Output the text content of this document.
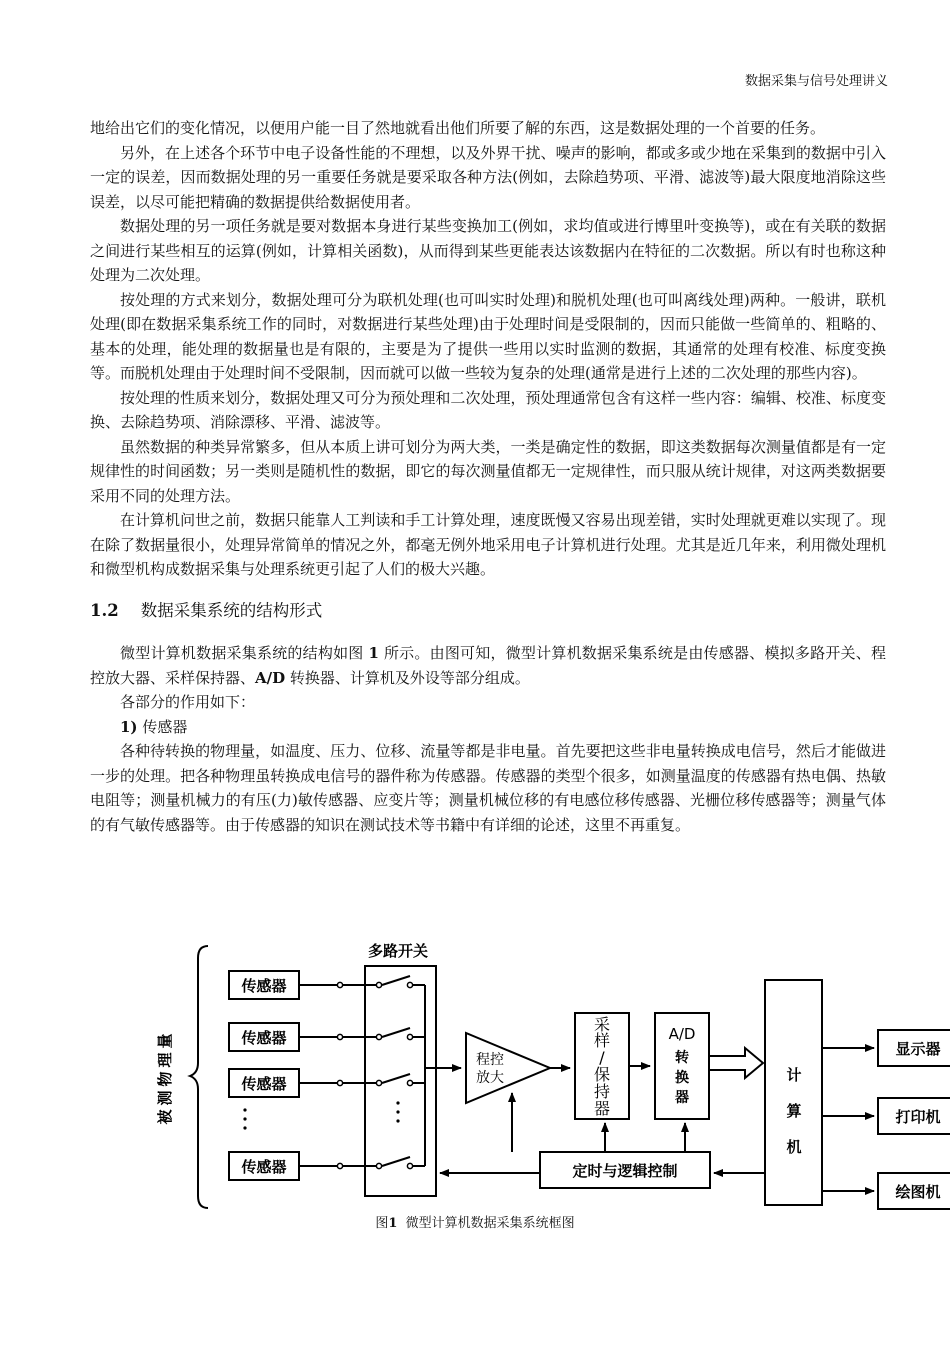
数据采集与信号处理讲义

地给出它们的变化情况，以便用户能一目了然地就看出他们所要了解的东西，这是数据处理的一个首要的任务。

另外，在上述各个环节中电子设备性能的不理想，以及外界干扰、噪声的影响，都或多或少地在采集到的数据中引入一定的误差，因而数据处理的另一重要任务就是要采取各种方法(例如，去除趋势项、平滑、滤波等)最大限度地消除这些误差，以尽可能把精确的数据提供给数据使用者。

数据处理的另一项任务就是要对数据本身进行某些变换加工(例如，求均值或进行博里叶变换等)，或在有关联的数据之间进行某些相互的运算(例如，计算相关函数)，从而得到某些更能表达该数据内在特征的二次数据。所以有时也称这种处理为二次处理。

按处理的方式来划分，数据处理可分为联机处理(也可叫实时处理)和脱机处理(也可叫离线处理)两种。一般讲，联机处理(即在数据采集系统工作的同时，对数据进行某些处理)由于处理时间是受限制的，因而只能做一些简单的、粗略的、基本的处理，能处理的数据量也是有限的，主要是为了提供一些用以实时监测的数据，其通常的处理有校准、标度变换等。而脱机处理由于处理时间不受限制，因而就可以做一些较为复杂的处理(通常是进行上述的二次处理的那些内容)。

按处理的性质来划分，数据处理又可分为预处理和二次处理，预处理通常包含有这样一些内容：编辑、校准、标度变换、去除趋势项、消除漂移、平滑、滤波等。

虽然数据的种类异常繁多，但从本质上讲可划分为两大类，一类是确定性的数据，即这类数据每次测量值都是有一定规律性的时间函数；另一类则是随机性的数据，即它的每次测量值都无一定规律性，而只服从统计规律，对这两类数据要采用不同的处理方法。

在计算机问世之前，数据只能靠人工判读和手工计算处理，速度既慢又容易出现差错，实时处理就更难以实现了。现在除了数据量很小，处理异常简单的情况之外，都毫无例外地采用电子计算机进行处理。尤其是近几年来，利用微处理机和微型机构成数据采集与处理系统更引起了人们的极大兴趣。

1.2 数据采集系统的结构形式

微型计算机数据采集系统的结构如图 1 所示。由图可知，微型计算机数据采集系统是由传感器、模拟多路开关、程控放大器、采样保持器、A/D 转换器、计算机及外设等部分组成。

各部分的作用如下：

1) 传感器

各种待转换的物理量，如温度、压力、位移、流量等都是非电量。首先要把这些非电量转换成电信号，然后才能做进一步的处理。把各种物理虽转换成电信号的器件称为传感器。传感器的类型个很多，如测量温度的传感器有热电偶、热敏电阻等；测量机械力的有压(力)敏传感器、应变片等；测量机械位移的有电感位移传感器、光栅位移传感器等；测量气体的有气敏传感器等。由于传感器的知识在测试技术等书籍中有详细的论述，这里不再重复。

多路开关
传感器
传感器
传感器
传感器
被测物理量	程控
放大
采
样
/
保
持
器
A/D
转
换
器
计
算
机
定时与逻辑控制
显示器
打印机
绘图机
图1 微型计算机数据采集系统框图
